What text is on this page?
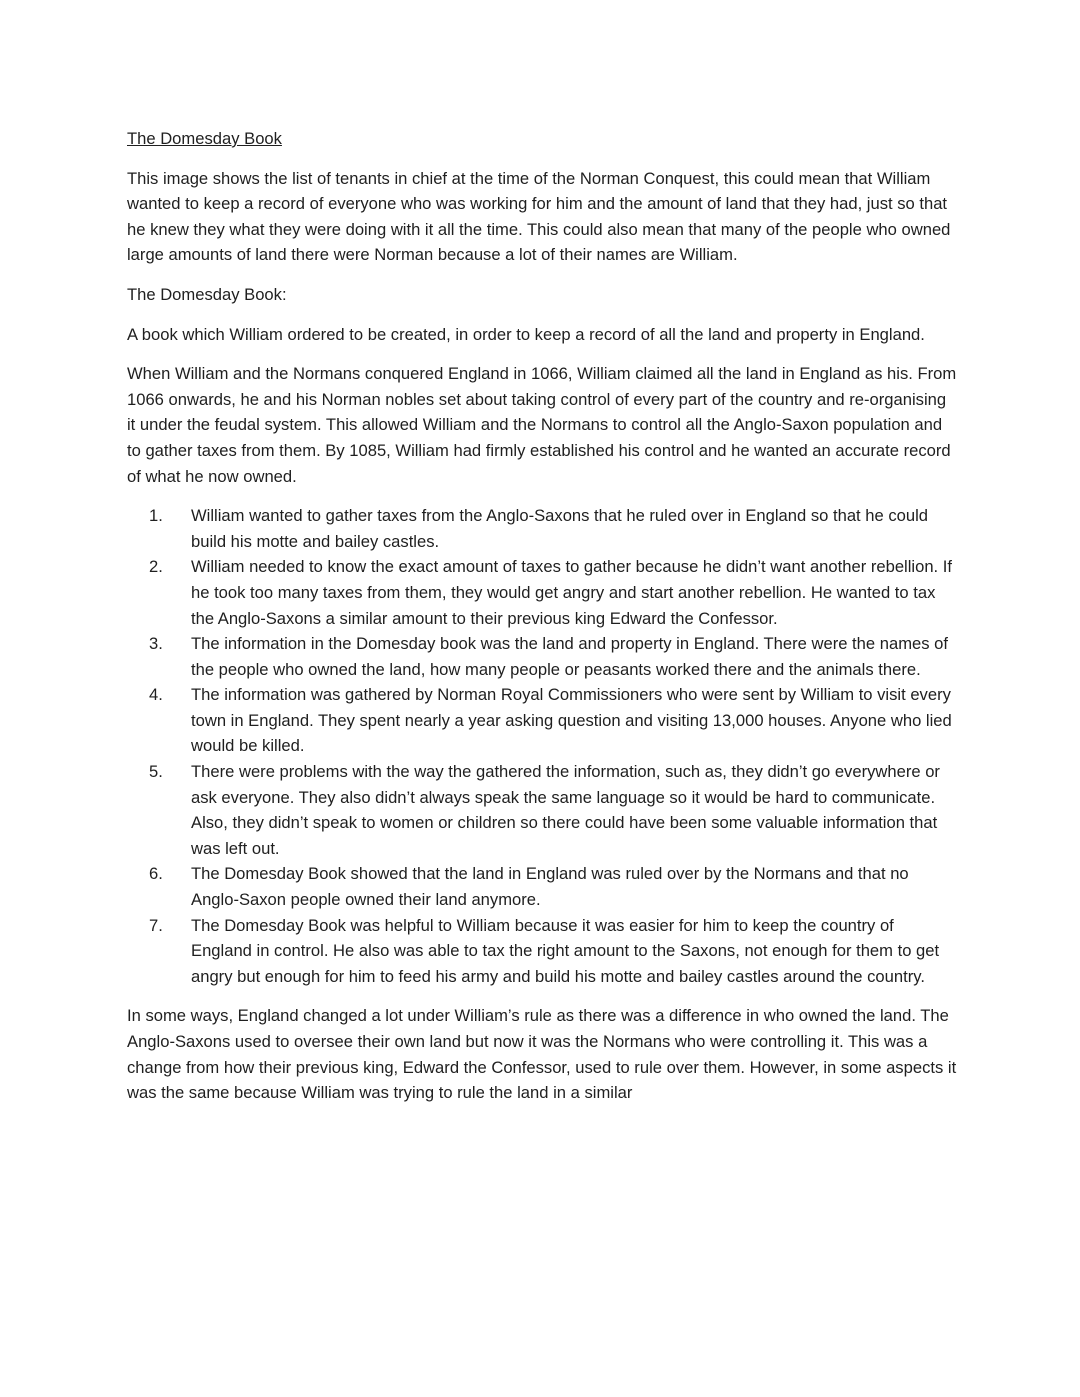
The Domesday Book

This image shows the list of tenants in chief at the time of the Norman Conquest, this could mean that William wanted to keep a record of everyone who was working for him and the amount of land that they had, just so that he knew they what they were doing with it all the time. This could also mean that many of the people who owned large amounts of land there were Norman because a lot of their names are William.

The Domesday Book:

A book which William ordered to be created, in order to keep a record of all the land and property in England.

When William and the Normans conquered England in 1066, William claimed all the land in England as his. From 1066 onwards, he and his Norman nobles set about taking control of every part of the country and re-organising it under the feudal system. This allowed William and the Normans to control all the Anglo-Saxon population and to gather taxes from them. By 1085, William had firmly established his control and he wanted an accurate record of what he now owned.

1.	William wanted to gather taxes from the Anglo-Saxons that he ruled over in England so that he could build his motte and bailey castles.
2.	William needed to know the exact amount of taxes to gather because he didn’t want another rebellion. If he took too many taxes from them, they would get angry and start another rebellion. He wanted to tax the Anglo-Saxons a similar amount to their previous king Edward the Confessor.
3.	The information in the Domesday book was the land and property in England. There were the names of the people who owned the land, how many people or peasants worked there and the animals there.
4.	The information was gathered by Norman Royal Commissioners who were sent by William to visit every town in England. They spent nearly a year asking question and visiting 13,000 houses. Anyone who lied would be killed.
5.	There were problems with the way the gathered the information, such as, they didn’t go everywhere or ask everyone. They also didn’t always speak the same language so it would be hard to communicate. Also, they didn’t speak to women or children so there could have been some valuable information that was left out.
6.	The Domesday Book showed that the land in England was ruled over by the Normans and that no Anglo-Saxon people owned their land anymore.
7.	The Domesday Book was helpful to William because it was easier for him to keep the country of England in control. He also was able to tax the right amount to the Saxons, not enough for them to get angry but enough for him to feed his army and build his motte and bailey castles around the country.

In some ways, England changed a lot under William’s rule as there was a difference in who owned the land. The Anglo-Saxons used to oversee their own land but now it was the Normans who were controlling it. This was a change from how their previous king, Edward the Confessor, used to rule over them. However, in some aspects it was the same because William was trying to rule the land in a similar
